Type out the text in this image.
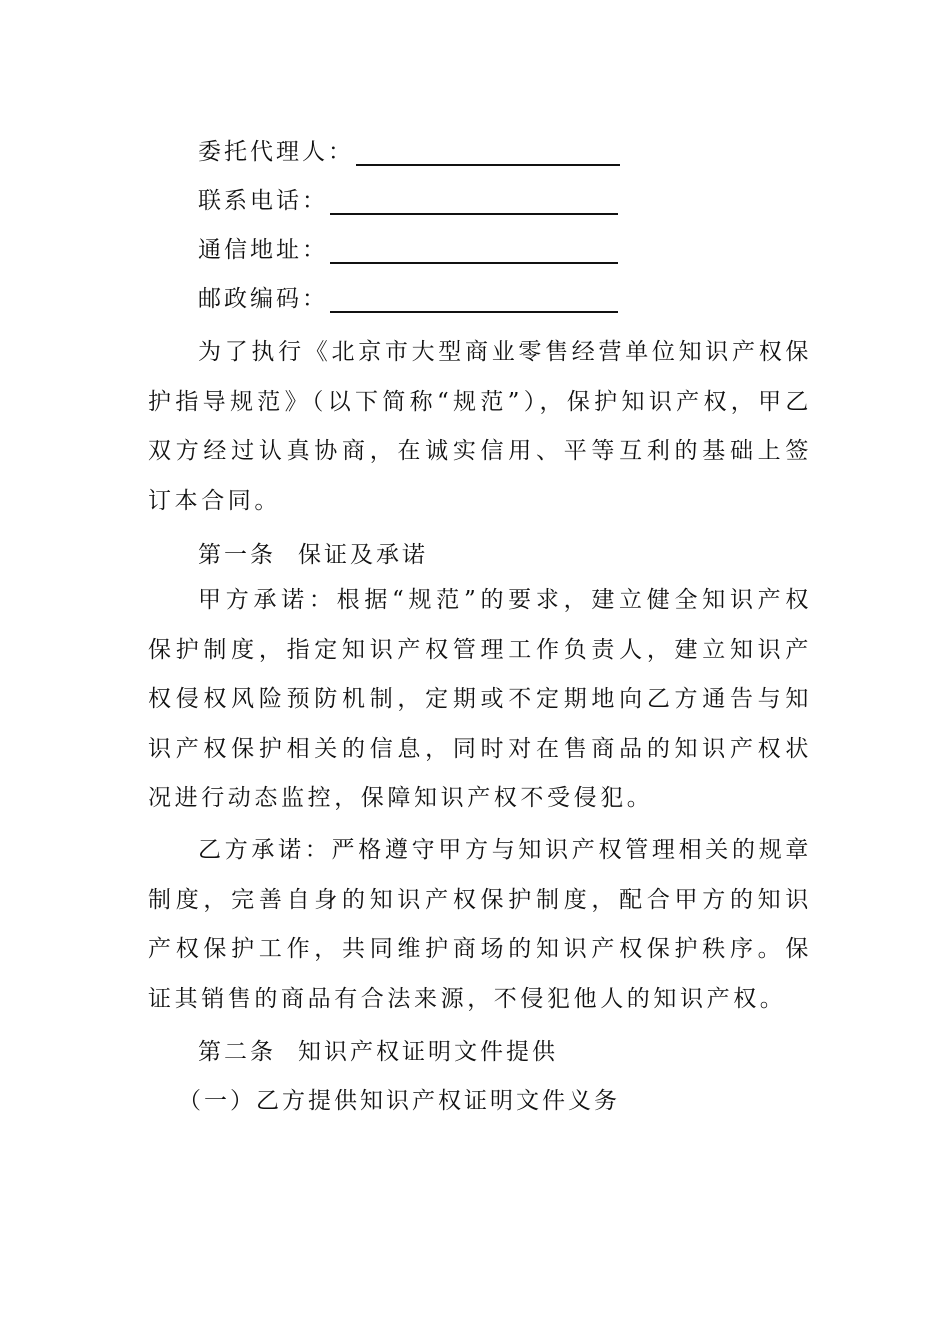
委托代理人：
联系电话：
通信地址：
邮政编码：

为了执行《北京市大型商业零售经营单位知识产权保护指导规范》（以下简称“规范”），保护知识产权，甲乙双方经过认真协商，在诚实信用、平等互利的基础上签订本合同。

第一条 保证及承诺

甲方承诺：根据“规范”的要求，建立健全知识产权保护制度，指定知识产权管理工作负责人，建立知识产权侵权风险预防机制，定期或不定期地向乙方通告与知识产权保护相关的信息，同时对在售商品的知识产权状况进行动态监控，保障知识产权不受侵犯。

乙方承诺：严格遵守甲方与知识产权管理相关的规章制度，完善自身的知识产权保护制度，配合甲方的知识产权保护工作，共同维护商场的知识产权保护秩序。保证其销售的商品有合法来源，不侵犯他人的知识产权。

第二条 知识产权证明文件提供
（一）乙方提供知识产权证明文件义务
